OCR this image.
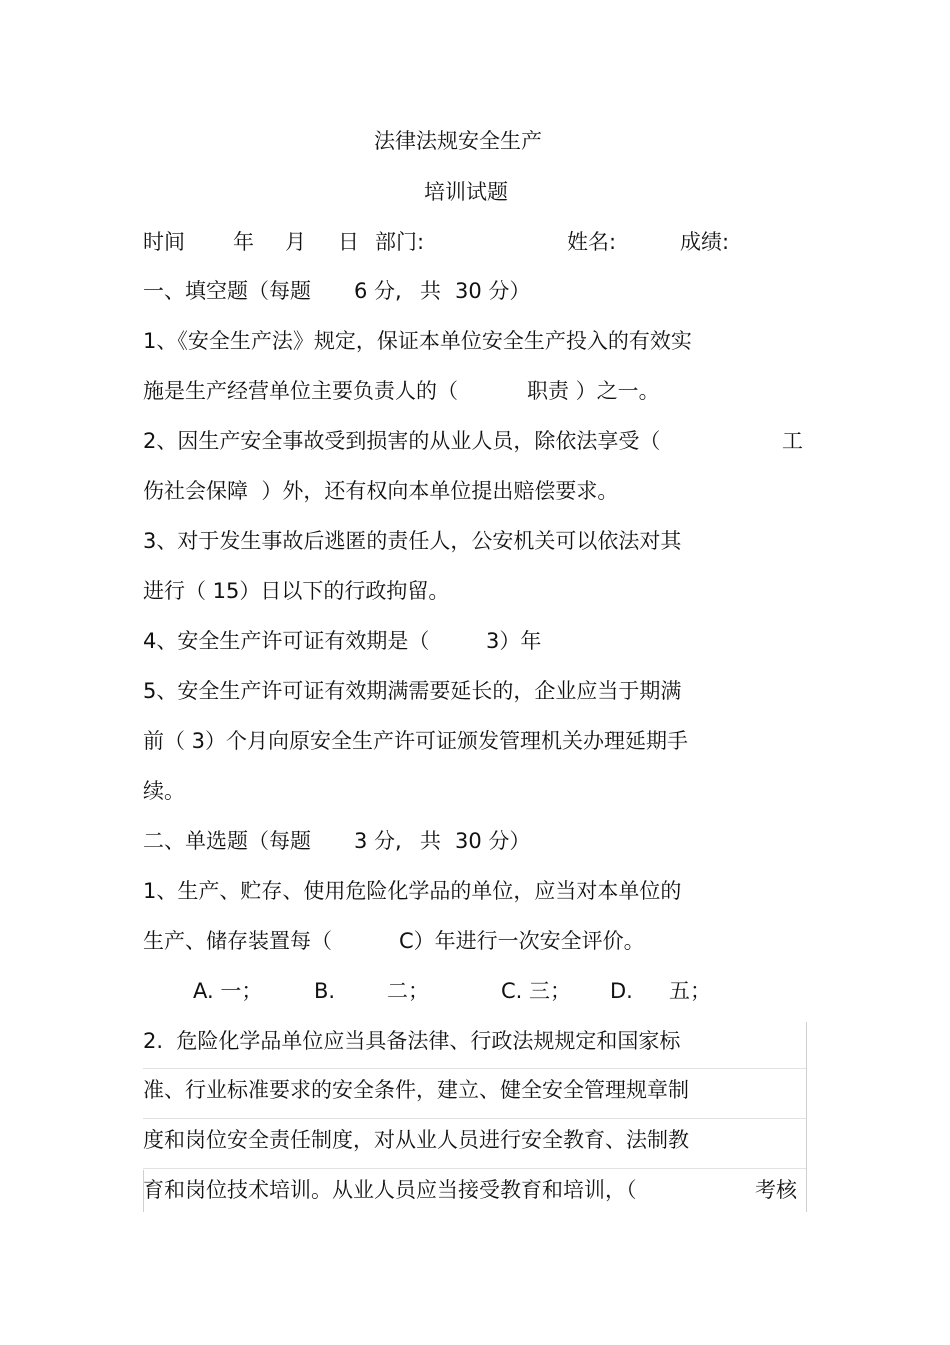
法律法规安全生产
培训试题
时间 年 月 日 部门:	姓名:	成绩:
一、填空题（每题 6 分, 共 30 分）
1、《安全生产法》规定，保证本单位安全生产投入的有效实
施是生产经营单位主要负责人的（	职责 ）之一。
2、因生产安全事故受到损害的从业人员，除依法享受（	工
伤社会保障  ）外，还有权向本单位提出赔偿要求。
3、对于发生事故后逃匿的责任人，公安机关可以依法对其
进行（ 15）日以下的行政拘留。
4、安全生产许可证有效期是（	3）年
5、安全生产许可证有效期满需要延长的，企业应当于期满
前（ 3）个月向原安全生产许可证颁发管理机关办理延期手
续。
二、单选题（每题 3 分, 共 30 分）
1、生产、贮存、使用危险化学品的单位，应当对本单位的
生产、储存装置每（	C）年进行一次安全评价。
A. 一； B. 二；	C. 三； D. 五；
2.  危险化学品单位应当具备法律、行政法规规定和国家标
准、行业标准要求的安全条件，建立、健全安全管理规章制
度和岗位安全责任制度，对从业人员进行安全教育、法制教
育和岗位技术培训。从业人员应当接受教育和培训，（	考核
